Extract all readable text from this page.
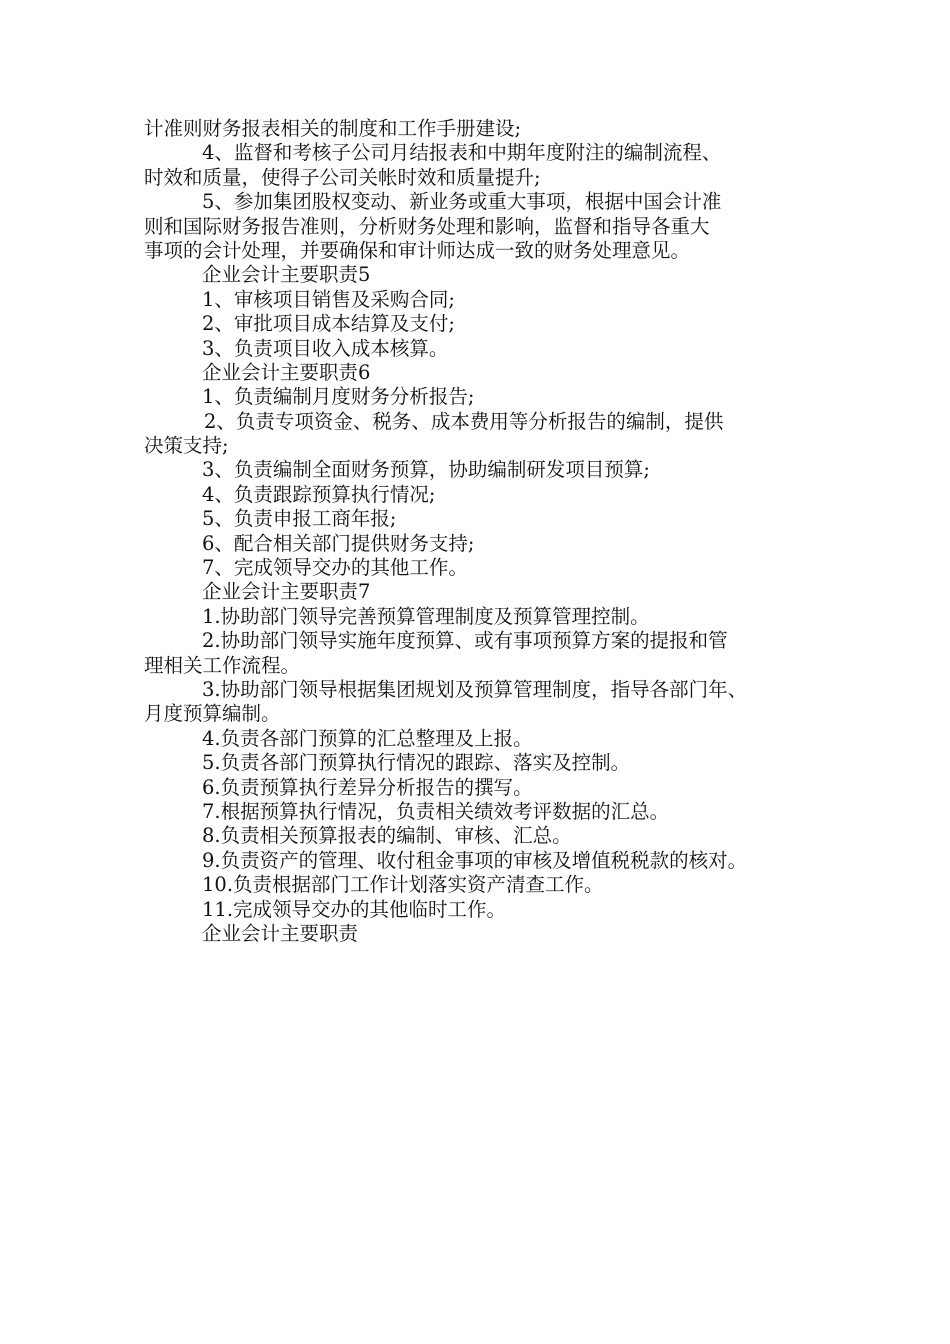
计准则财务报表相关的制度和工作手册建设;
4、监督和考核子公司月结报表和中期年度附注的编制流程、
时效和质量，使得子公司关帐时效和质量提升;
5、参加集团股权变动、新业务或重大事项，根据中国会计准
则和国际财务报告准则，分析财务处理和影响，监督和指导各重大
事项的会计处理，并要确保和审计师达成一致的财务处理意见。
企业会计主要职责5
1、审核项目销售及采购合同;
2、审批项目成本结算及支付;
3、负责项目收入成本核算。
企业会计主要职责6
1、负责编制月度财务分析报告;
2、负责专项资金、税务、成本费用等分析报告的编制，提供
决策支持;
3、负责编制全面财务预算，协助编制研发项目预算;
4、负责跟踪预算执行情况;
5、负责申报工商年报;
6、配合相关部门提供财务支持;
7、完成领导交办的其他工作。
企业会计主要职责7
1.协助部门领导完善预算管理制度及预算管理控制。
2.协助部门领导实施年度预算、或有事项预算方案的提报和管
理相关工作流程。
3.协助部门领导根据集团规划及预算管理制度，指导各部门年、
月度预算编制。
4.负责各部门预算的汇总整理及上报。
5.负责各部门预算执行情况的跟踪、落实及控制。
6.负责预算执行差异分析报告的撰写。
7.根据预算执行情况，负责相关绩效考评数据的汇总。
8.负责相关预算报表的编制、审核、汇总。
9.负责资产的管理、收付租金事项的审核及增值税税款的核对。
10.负责根据部门工作计划落实资产清查工作。
11.完成领导交办的其他临时工作。
企业会计主要职责
